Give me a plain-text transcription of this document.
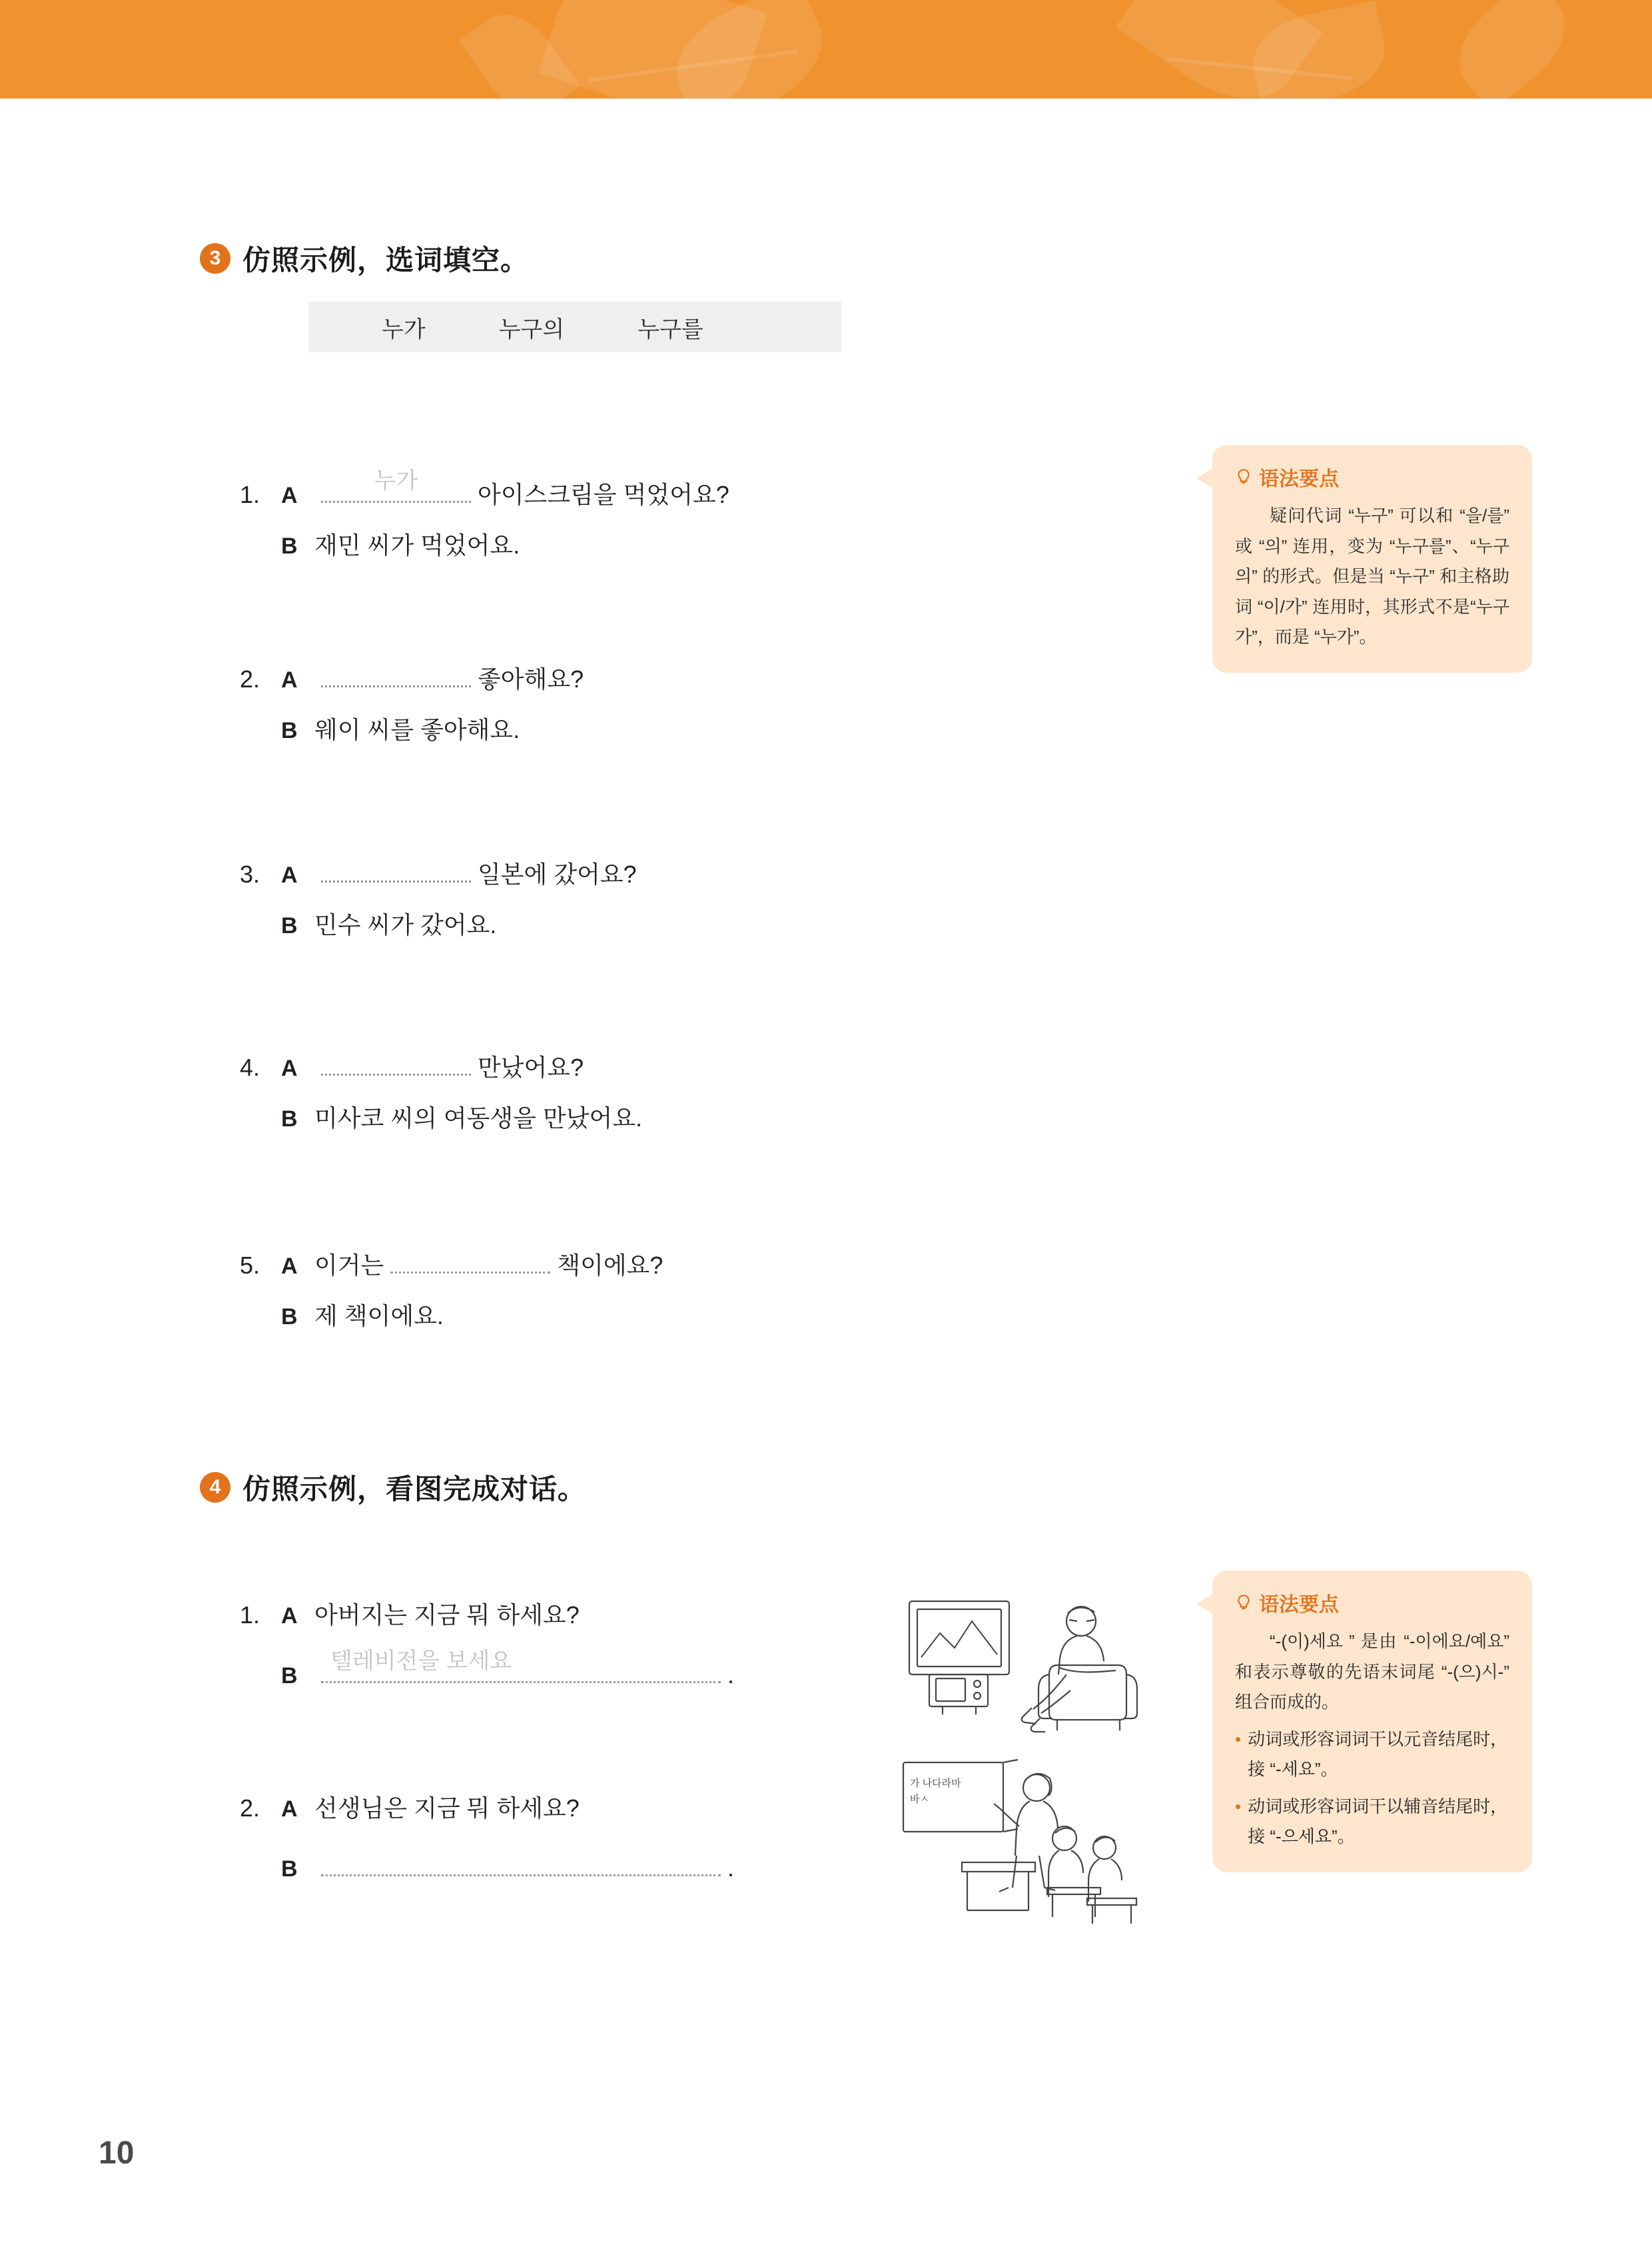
3 仿照示例，选词填空。
누가	누구의	누구를
1. A
누가	아이스크림을 먹었어요?
B 재민 씨가 먹었어요.
2. A	좋아해요?
B 웨이 씨를 좋아해요.
3. A	일본에 갔어요?
B 민수 씨가 갔어요.
4. A	만났어요?
B 미사코 씨의 여동생을 만났어요.
5. A 이거는	책이에요?
B 제 책이에요.
语法要点
疑问代词 “누구” 可以和 “을/를” 或 “의” 连用，变为 “누구를”、“누구의” 的形式。但是当 “누구” 和主格助词 “이/가” 连用时，其形式不是“누구가”，而是 “누가”。
4 仿照示例，看图完成对话。
1. A 아버지는 지금 뭐 하세요?
B
텔레비전을 보세요	.
2. A 선생님은 지금 뭐 하세요?
B	.
가 나다라마
바ㅅ
语法要点
“-(이)세요 ” 是由 “-이에요/예요” 和表示尊敬的先语末词尾 “-(으)시-” 组合而成的。
• 动词或形容词词干以元音结尾时，接 “-세요”。
• 动词或形容词词干以辅音结尾时，接 “-으세요”。
10
